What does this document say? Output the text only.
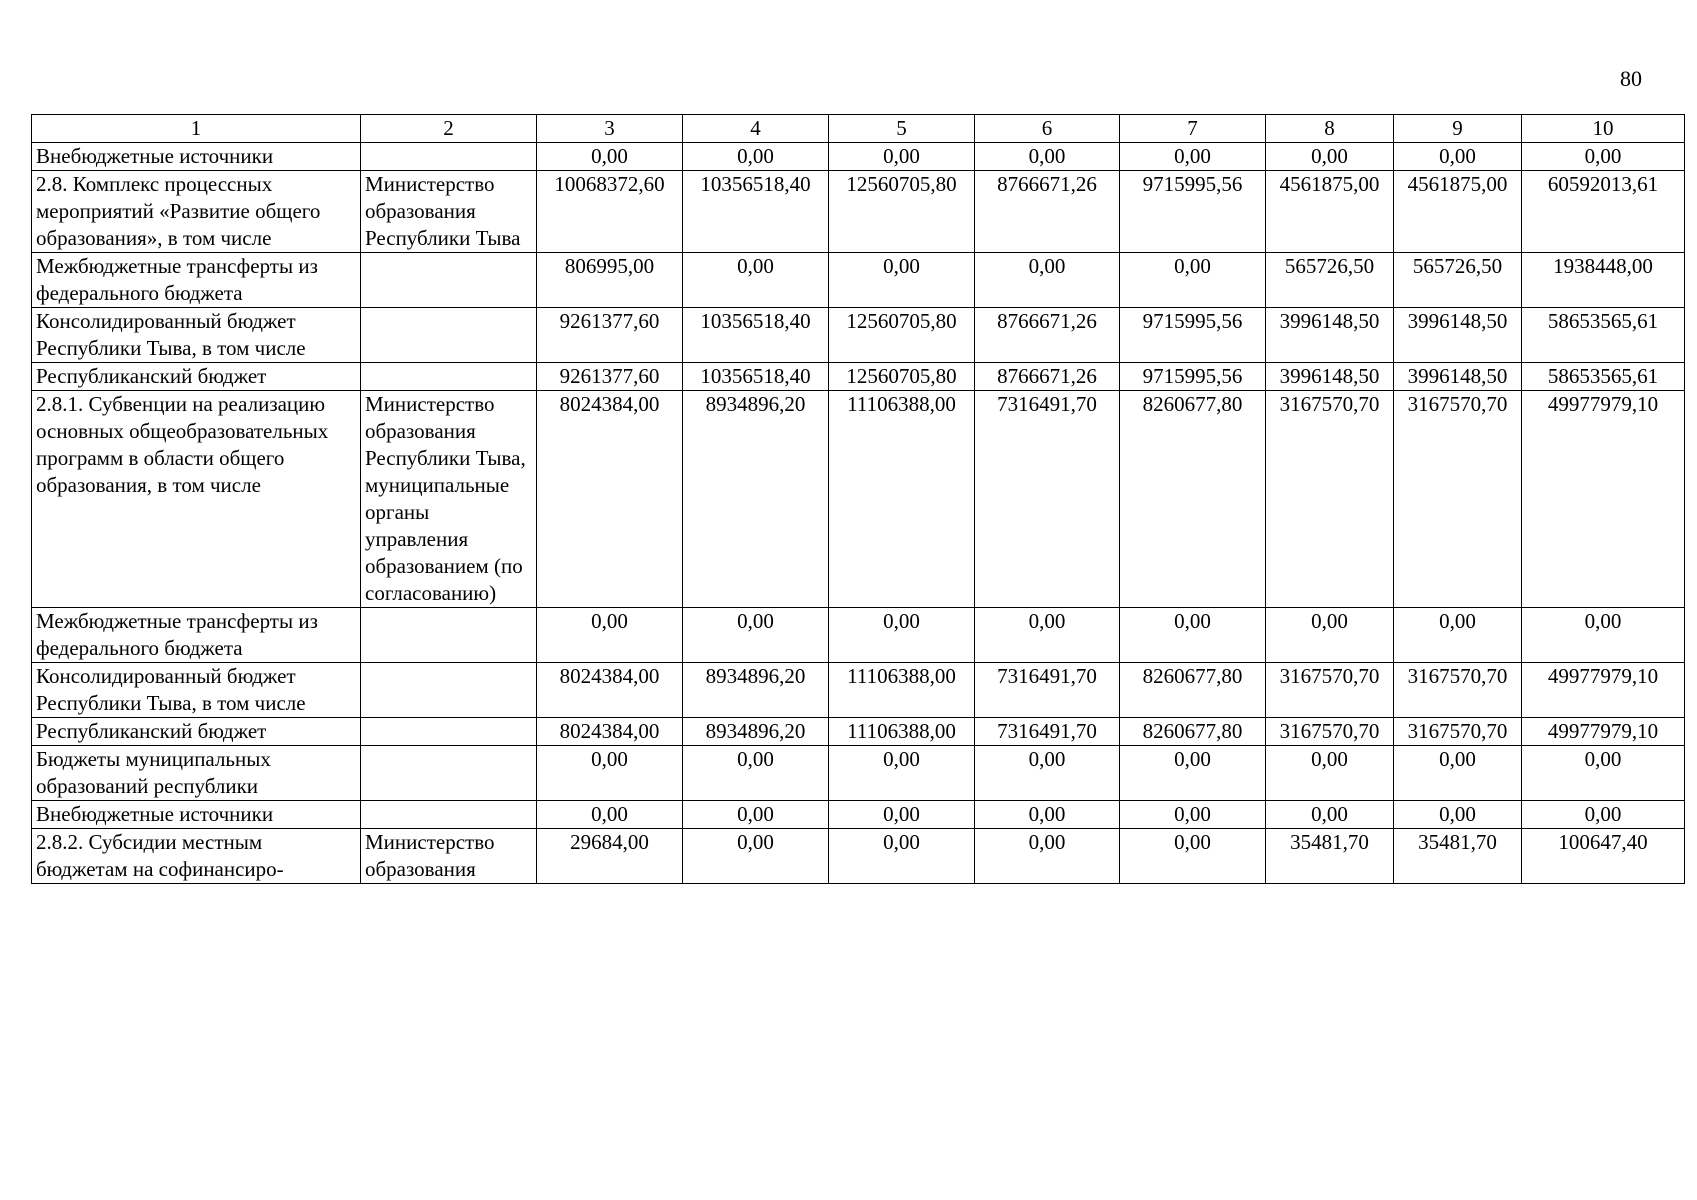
80
1	2	3	4	5	6	7	8	9	10
Внебюджетные источники		0,00	0,00	0,00	0,00	0,00	0,00	0,00	0,00
2.8. Комплекс процессных мероприятий «Развитие общего образования», в том числе	Министерство образования Республики Тыва	10068372,60	10356518,40	12560705,80	8766671,26	9715995,56	4561875,00	4561875,00	60592013,61
Межбюджетные трансферты из федерального бюджета		806995,00	0,00	0,00	0,00	0,00	565726,50	565726,50	1938448,00
Консолидированный бюджет Республики Тыва, в том числе		9261377,60	10356518,40	12560705,80	8766671,26	9715995,56	3996148,50	3996148,50	58653565,61
Республиканский бюджет		9261377,60	10356518,40	12560705,80	8766671,26	9715995,56	3996148,50	3996148,50	58653565,61
2.8.1. Субвенции на реализацию основных общеобразовательных программ в области общего образования, в том числе	Министерство образования Республики Тыва, муниципальные органы управления образованием (по согласованию)	8024384,00	8934896,20	11106388,00	7316491,70	8260677,80	3167570,70	3167570,70	49977979,10
Межбюджетные трансферты из федерального бюджета		0,00	0,00	0,00	0,00	0,00	0,00	0,00	0,00
Консолидированный бюджет Республики Тыва, в том числе		8024384,00	8934896,20	11106388,00	7316491,70	8260677,80	3167570,70	3167570,70	49977979,10
Республиканский бюджет		8024384,00	8934896,20	11106388,00	7316491,70	8260677,80	3167570,70	3167570,70	49977979,10
Бюджеты муниципальных образований республики		0,00	0,00	0,00	0,00	0,00	0,00	0,00	0,00
Внебюджетные источники		0,00	0,00	0,00	0,00	0,00	0,00	0,00	0,00
2.8.2. Субсидии местным бюджетам на софинансиро-	Министерство образования	29684,00	0,00	0,00	0,00	0,00	35481,70	35481,70	100647,40
